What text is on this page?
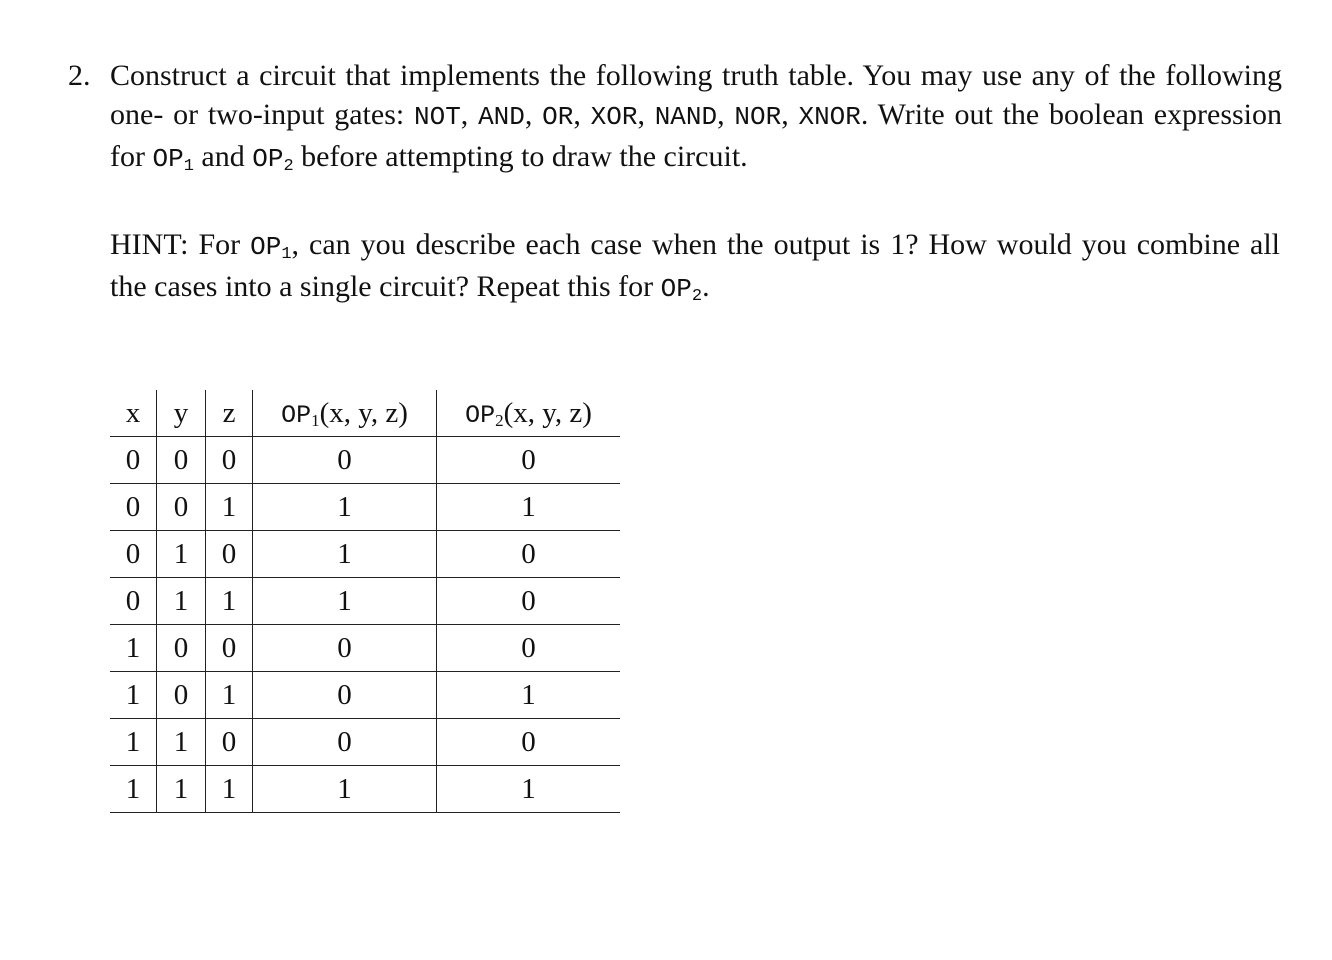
2. Construct a circuit that implements the following truth table. You may use any of the following one- or two-input gates: NOT, AND, OR, XOR, NAND, NOR, XNOR. Write out the boolean expression for $OP_1$ and $OP_2$ before attempting to draw the circuit.
HINT: For $OP_1$, can you describe each case when the output is 1? How would you combine all the cases into a single circuit? Repeat this for $OP_2$.
x	y	z	$OP_1(x$, y, z)	$OP_2(x$, y, z)
0	0	0	0	0
0	0	1	1	1
0	1	0	1	0
0	1	1	1	0
1	0	0	0	0
1	0	1	0	1
1	1	0	0	0
1	1	1	1	1
